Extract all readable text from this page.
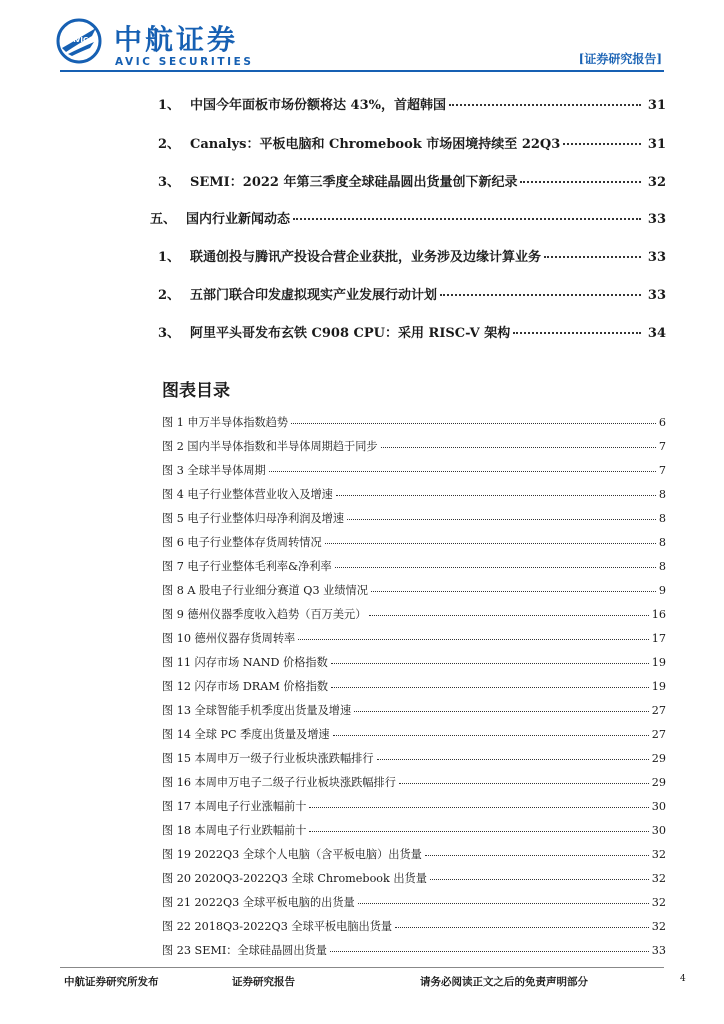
AVIC 中航证券
AVIC SECURITIES	[证券研究报告]
1、 中国今年面板市场份额将达 43%，首超韩国	31
2、 Canalys：平板电脑和 Chromebook 市场困境持续至 22Q3	31
3、 SEMI：2022 年第三季度全球硅晶圆出货量创下新纪录	32
五、 国内行业新闻动态	33
1、 联通创投与腾讯产投设合营企业获批，业务涉及边缘计算业务	33
2、 五部门联合印发虚拟现实产业发展行动计划	33
3、 阿里平头哥发布玄铁 C908 CPU：采用 RISC-V 架构	34
图表目录
图 1 申万半导体指数趋势	6
图 2 国内半导体指数和半导体周期趋于同步	7
图 3 全球半导体周期	7
图 4 电子行业整体营业收入及增速	8
图 5 电子行业整体归母净利润及增速	8
图 6 电子行业整体存货周转情况	8
图 7 电子行业整体毛利率&净利率	8
图 8 A 股电子行业细分赛道 Q3 业绩情况	9
图 9 德州仪器季度收入趋势（百万美元）	16
图 10 德州仪器存货周转率	17
图 11 闪存市场 NAND 价格指数	19
图 12 闪存市场 DRAM 价格指数	19
图 13 全球智能手机季度出货量及增速	27
图 14 全球 PC 季度出货量及增速	27
图 15 本周申万一级子行业板块涨跌幅排行	29
图 16 本周申万电子二级子行业板块涨跌幅排行	29
图 17 本周电子行业涨幅前十	30
图 18 本周电子行业跌幅前十	30
图 19 2022Q3 全球个人电脑（含平板电脑）出货量	32
图 20 2020Q3-2022Q3 全球 Chromebook 出货量	32
图 21 2022Q3 全球平板电脑的出货量	32
图 22 2018Q3-2022Q3 全球平板电脑出货量	32
图 23 SEMI：全球硅晶圆出货量	33
中航证券研究所发布	证券研究报告	请务必阅读正文之后的免责声明部分	4
